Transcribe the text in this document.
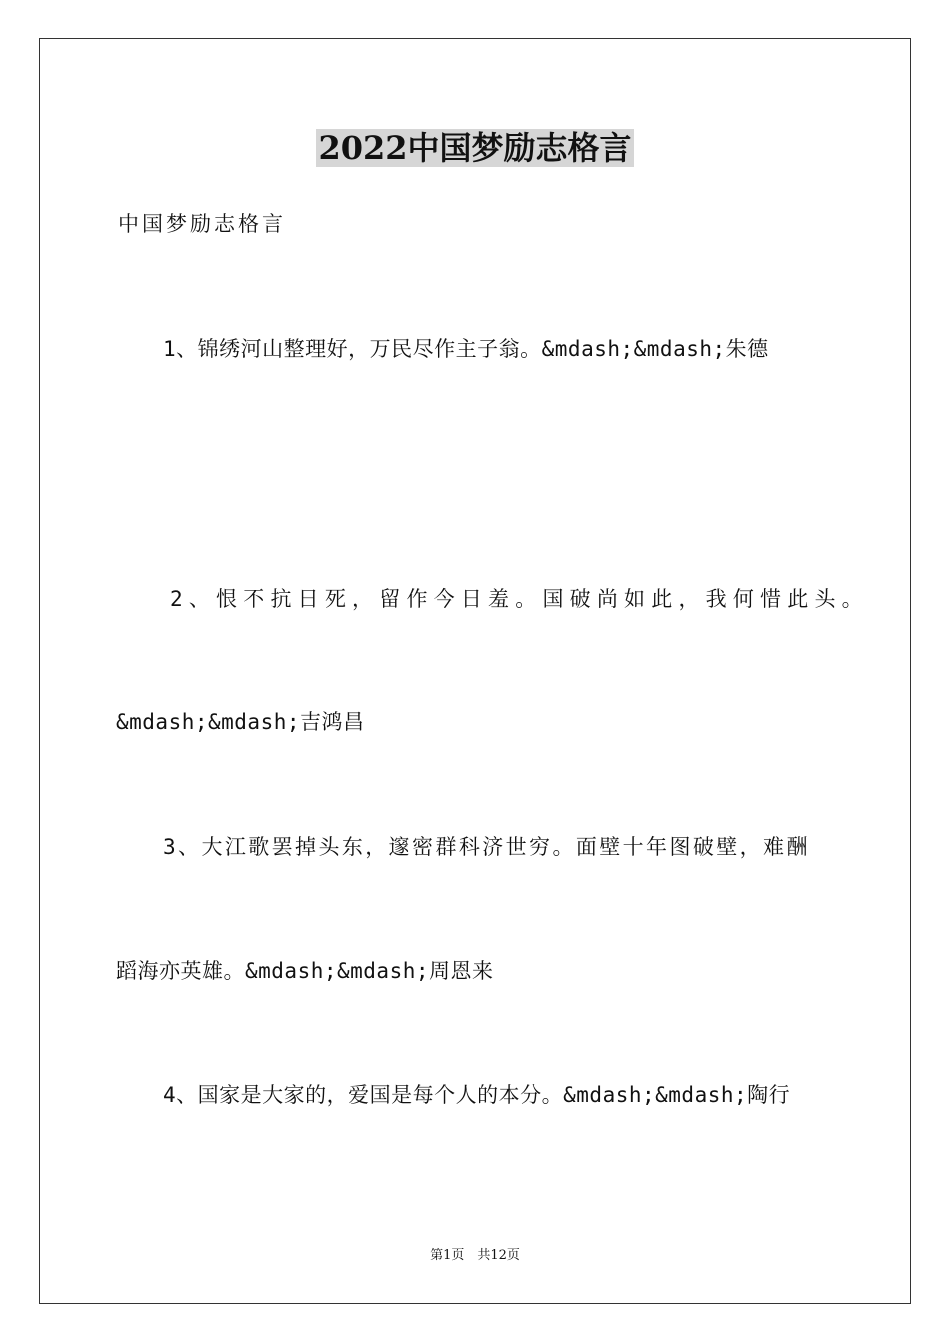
2022中国梦励志格言
中国梦励志格言
1、锦绣河山整理好，万民尽作主子翁。&mdash;&mdash;朱德
2、恨不抗日死，留作今日羞。国破尚如此，我何惜此头。
&mdash;&mdash;吉鸿昌
3、大江歌罢掉头东，邃密群科济世穷。面壁十年图破壁，难酬
蹈海亦英雄。&mdash;&mdash;周恩来
4、国家是大家的，爱国是每个人的本分。&mdash;&mdash;陶行
第1页　共12页
